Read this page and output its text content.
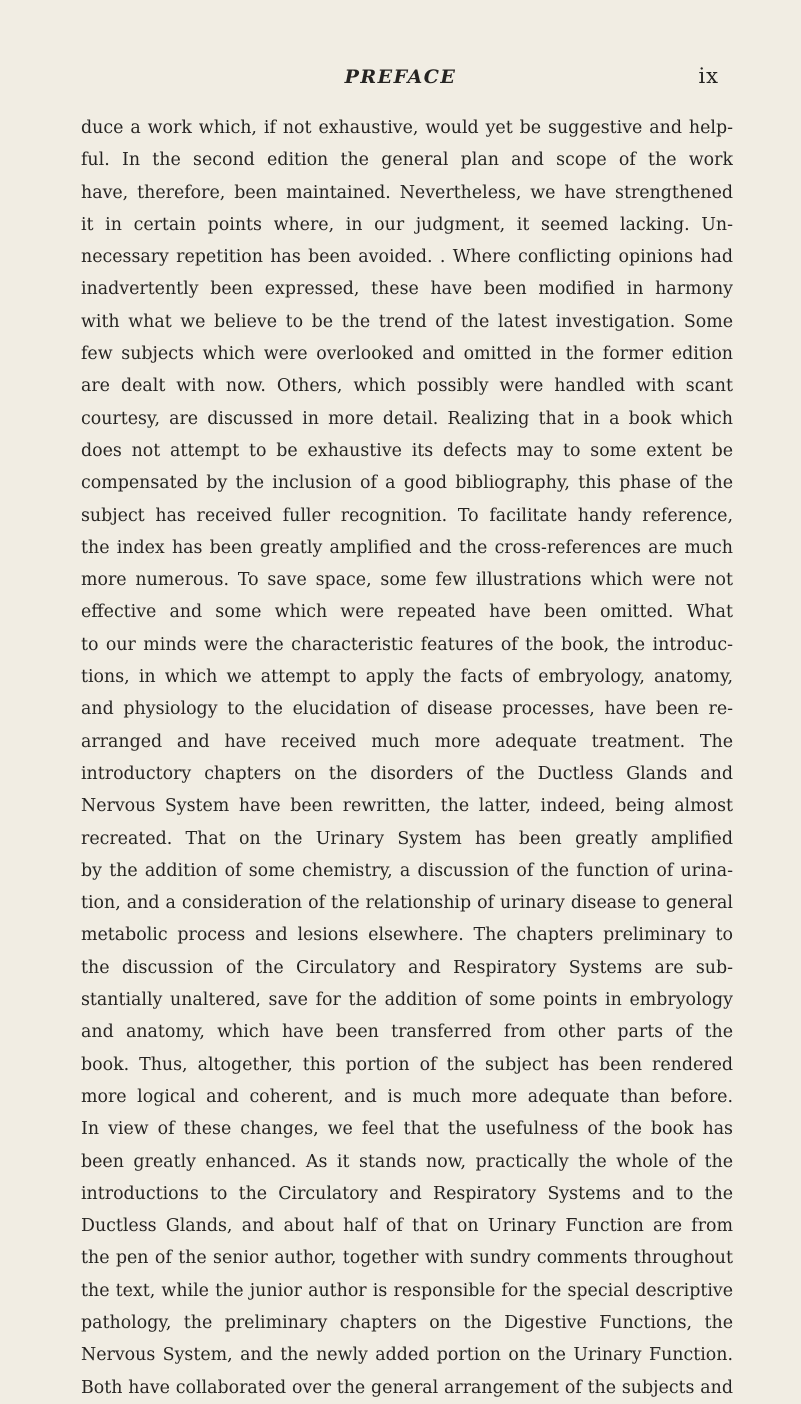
PREFACE	ix
duce a work which, if not exhaustive, would yet be suggestive and help-
ful. In the second edition the general plan and scope of the work
have, therefore, been maintained. Nevertheless, we have strengthened
it in certain points where, in our judgment, it seemed lacking. Un-
necessary repetition has been avoided. . Where conflicting opinions had
inadvertently been expressed, these have been modified in harmony
with what we believe to be the trend of the latest investigation. Some
few subjects which were overlooked and omitted in the former edition
are dealt with now. Others, which possibly were handled with scant
courtesy, are discussed in more detail. Realizing that in a book which
does not attempt to be exhaustive its defects may to some extent be
compensated by the inclusion of a good bibliography, this phase of the
subject has received fuller recognition. To facilitate handy reference,
the index has been greatly amplified and the cross-references are much
more numerous. To save space, some few illustrations which were not
effective and some which were repeated have been omitted. What
to our minds were the characteristic features of the book, the introduc-
tions, in which we attempt to apply the facts of embryology, anatomy,
and physiology to the elucidation of disease processes, have been re-
arranged and have received much more adequate treatment. The
introductory chapters on the disorders of the Ductless Glands and
Nervous System have been rewritten, the latter, indeed, being almost
recreated. That on the Urinary System has been greatly amplified
by the addition of some chemistry, a discussion of the function of urina-
tion, and a consideration of the relationship of urinary disease to general
metabolic process and lesions elsewhere. The chapters preliminary to
the discussion of the Circulatory and Respiratory Systems are sub-
stantially unaltered, save for the addition of some points in embryology
and anatomy, which have been transferred from other parts of the
book. Thus, altogether, this portion of the subject has been rendered
more logical and coherent, and is much more adequate than before.
In view of these changes, we feel that the usefulness of the book has
been greatly enhanced. As it stands now, practically the whole of the
introductions to the Circulatory and Respiratory Systems and to the
Ductless Glands, and about half of that on Urinary Function are from
the pen of the senior author, together with sundry comments throughout
the text, while the junior author is responsible for the special descriptive
pathology, the preliminary chapters on the Digestive Functions, the
Nervous System, and the newly added portion on the Urinary Function.
Both have collaborated over the general arrangement of the subjects and
